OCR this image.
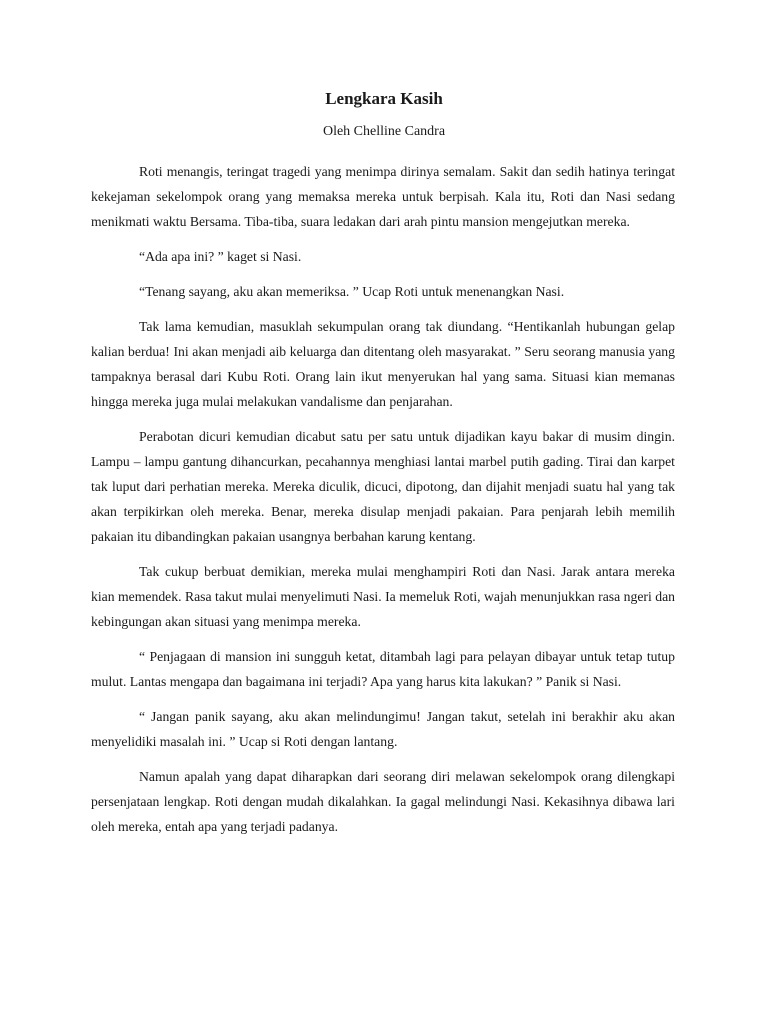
Lengkara Kasih
Oleh Chelline Candra

Roti menangis, teringat tragedi yang menimpa dirinya semalam. Sakit dan sedih hatinya teringat kekejaman sekelompok orang yang memaksa mereka untuk berpisah. Kala itu, Roti dan Nasi sedang menikmati waktu Bersama. Tiba-tiba, suara ledakan dari arah pintu mansion mengejutkan mereka.

“Ada apa ini? ” kaget si Nasi.

“Tenang sayang, aku akan memeriksa. ” Ucap Roti untuk menenangkan Nasi.

Tak lama kemudian, masuklah sekumpulan orang tak diundang. “Hentikanlah hubungan gelap kalian berdua! Ini akan menjadi aib keluarga dan ditentang oleh masyarakat. ” Seru seorang manusia yang tampaknya berasal dari Kubu Roti. Orang lain ikut menyerukan hal yang sama. Situasi kian memanas hingga mereka juga mulai melakukan vandalisme dan penjarahan.

Perabotan dicuri kemudian dicabut satu per satu untuk dijadikan kayu bakar di musim dingin. Lampu – lampu gantung dihancurkan, pecahannya menghiasi lantai marbel putih gading. Tirai dan karpet tak luput dari perhatian mereka. Mereka diculik, dicuci, dipotong, dan dijahit menjadi suatu hal yang tak akan terpikirkan oleh mereka. Benar, mereka disulap menjadi pakaian. Para penjarah lebih memilih pakaian itu dibandingkan pakaian usangnya berbahan karung kentang.

Tak cukup berbuat demikian, mereka mulai menghampiri Roti dan Nasi. Jarak antara mereka kian memendek. Rasa takut mulai menyelimuti Nasi. Ia memeluk Roti, wajah menunjukkan rasa ngeri dan kebingungan akan situasi yang menimpa mereka.

“ Penjagaan di mansion ini sungguh ketat, ditambah lagi para pelayan dibayar untuk tetap tutup mulut. Lantas mengapa dan bagaimana ini terjadi? Apa yang harus kita lakukan? ” Panik si Nasi.

“ Jangan panik sayang, aku akan melindungimu! Jangan takut, setelah ini berakhir aku akan menyelidiki masalah ini. ” Ucap si Roti dengan lantang.

Namun apalah yang dapat diharapkan dari seorang diri melawan sekelompok orang dilengkapi persenjataan lengkap. Roti dengan mudah dikalahkan. Ia gagal melindungi Nasi. Kekasihnya dibawa lari oleh mereka, entah apa yang terjadi padanya.
